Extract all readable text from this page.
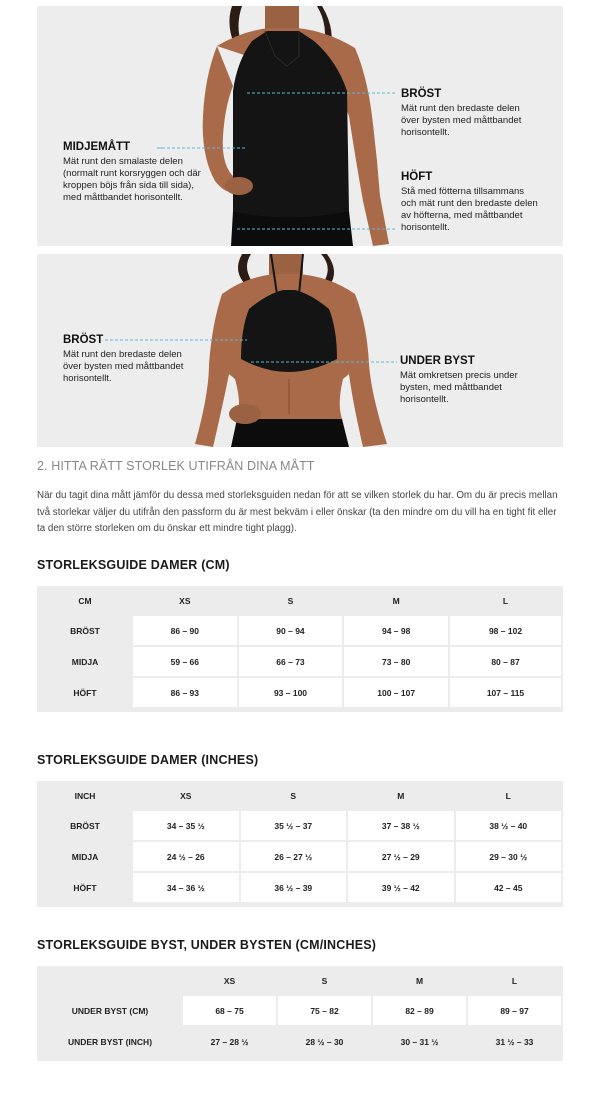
MIDJEMÅTT
Mät runt den smalaste delen
(normalt runt korsryggen och där
kroppen böjs från sida till sida),
med måttbandet horisontellt.
BRÖST
Mät runt den bredaste delen
över bysten med måttbandet
horisontellt.
HÖFT
Stå med fötterna tillsammans
och mät runt den bredaste delen
av höfterna, med måttbandet
horisontellt.
BRÖST
Mät runt den bredaste delen
över bysten med måttbandet
horisontellt.
UNDER BYST
Mät omkretsen precis under
bysten, med måttbandet
horisontellt.
2. HITTA RÄTT STORLEK UTIFRÅN DINA MÅTT

När du tagit dina mått jämför du dessa med storleksguiden nedan för att se vilken storlek du har. Om du är precis mellan två storlekar väljer du utifrån den passform du är mest bekväm i eller önskar (ta den mindre om du vill ha en tight fit eller ta den större storleken om du önskar ett mindre tight plagg).

STORLEKSGUIDE DAMER (CM)
CM	XS	S	M	L
BRÖST	86 – 90	90 – 94	94 – 98	98 – 102
MIDJA	59 – 66	66 – 73	73 – 80	80 – 87
HÖFT	86 – 93	93 – 100	100 – 107	107 – 115
STORLEKSGUIDE DAMER (INCHES)
INCH	XS	S	M	L
BRÖST	34 – 35 ½	35 ½ – 37	37 – 38 ½	38 ½ – 40
MIDJA	24 ½ – 26	26 – 27 ½	27 ½ – 29	29 – 30 ½
HÖFT	34 – 36 ½	36 ½ – 39	39 ½ – 42	42 – 45
STORLEKSGUIDE BYST, UNDER BYSTEN (CM/INCHES)
	XS	S	M	L
UNDER BYST (CM)	68 – 75	75 – 82	82 – 89	89 – 97
UNDER BYST (INCH)	27 – 28 ½	28 ½ – 30	30 – 31 ½	31 ½ – 33
